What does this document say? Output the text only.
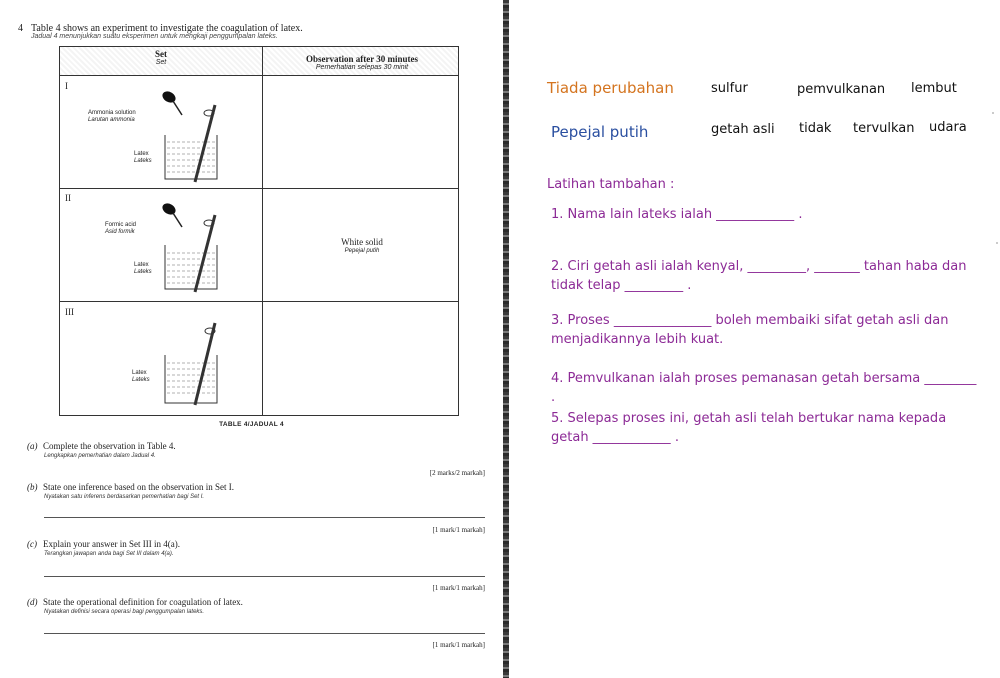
4 Table 4 shows an experiment to investigate the coagulation of latex.
Jadual 4 menunjukkan suatu eksperimen untuk mengkaji penggumpalan lateks.
Set
Set	Observation after 30 minutes
Pemerhatian selepas 30 minit
I
Ammonia solution
Larutan ammonia
Latex
Lateks
II
Formic acid
Asid formik
Latex
Lateks
White solid
Pepejal putih
III
Latex
Lateks
TABLE 4/JADUAL 4
(a) Complete the observation in Table 4.
Lengkapkan pemerhatian dalam Jadual 4.
[2 marks/2 markah]
(b) State one inference based on the observation in Set I.
Nyatakan satu inferens berdasarkan pemerhatian bagi Set I.
[1 mark/1 markah]
(c) Explain your answer in Set III in 4(a).
Terangkan jawapan anda bagi Set III dalam 4(a).
[1 mark/1 markah]
(d) State the operational definition for coagulation of latex.
Nyatakan definisi secara operasi bagi penggumpalan lateks.
[1 mark/1 markah]
Tiada perubahan	sulfur	pemvulkanan lembut
Pepejal putih	getah asli tidak tervulkan udara
Latihan tambahan :
1. Nama lain lateks ialah ____________ .
2. Ciri getah asli ialah kenyal, _________, _______ tahan haba dan tidak telap _________ .
3. Proses _______________ boleh membaiki sifat getah asli dan menjadikannya lebih kuat.
4. Pemvulkanan ialah proses pemanasan getah bersama ________ .
5. Selepas proses ini, getah asli telah bertukar nama kepada getah ____________ .
